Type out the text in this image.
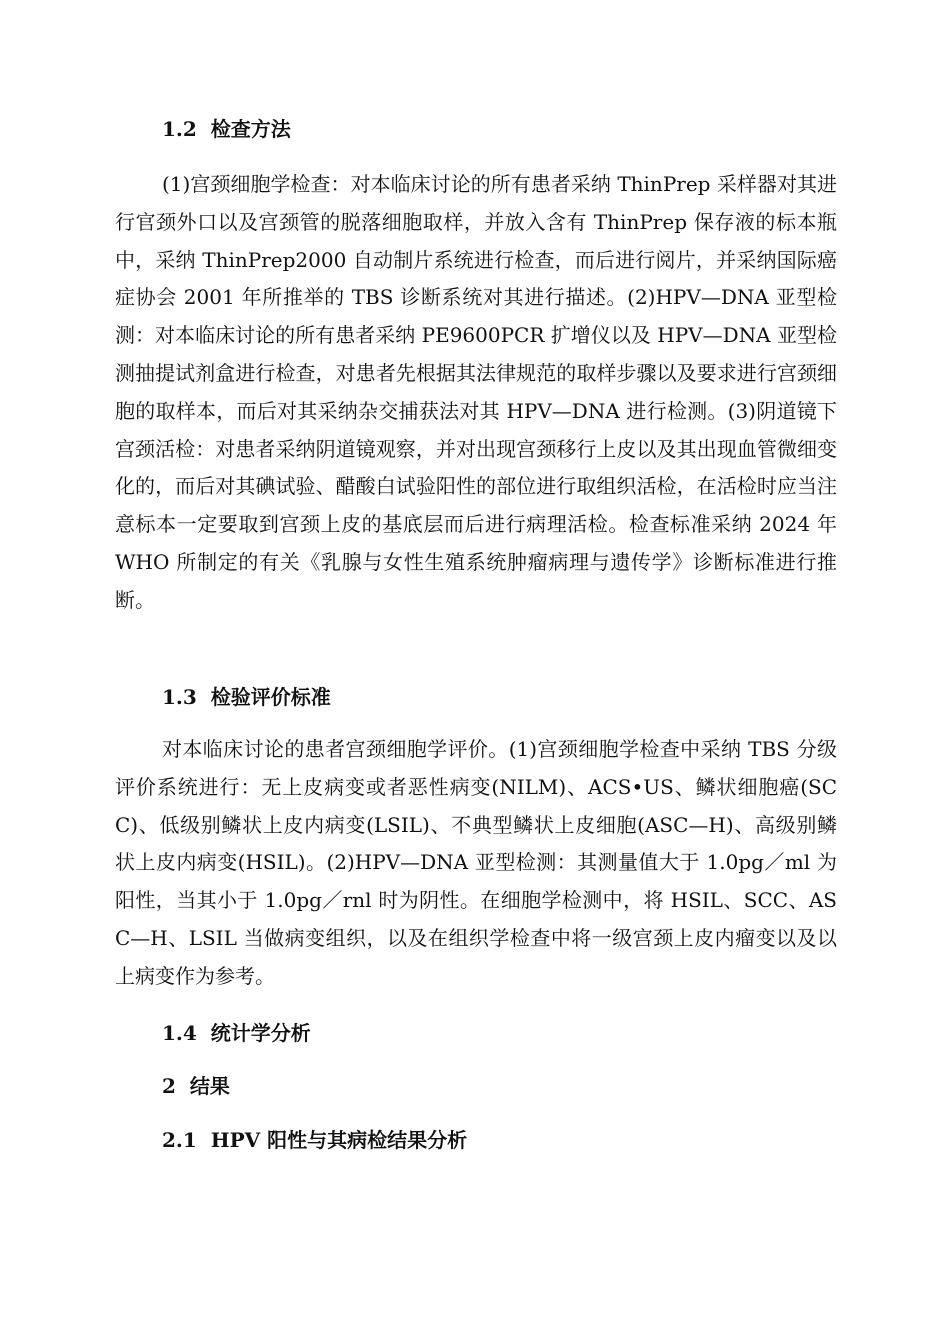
1.2  检查方法

(1)宫颈细胞学检查：对本临床讨论的所有患者采纳 ThinPrep 采样器对其进行官颈外口以及宫颈管的脱落细胞取样，并放入含有 ThinPrep 保存液的标本瓶中，采纳 ThinPrep2000 自动制片系统进行检查，而后进行阅片，并采纳国际癌症协会 2001 年所推举的 TBS 诊断系统对其进行描述。(2)HPV—DNA 亚型检测：对本临床讨论的所有患者采纳 PE9600PCR 扩增仪以及 HPV—DNA 亚型检测抽提试剂盒进行检查，对患者先根据其法律规范的取样步骤以及要求进行宫颈细胞的取样本，而后对其采纳杂交捕获法对其 HPV—DNA 进行检测。(3)阴道镜下宫颈活检：对患者采纳阴道镜观察，并对出现宫颈移行上皮以及其出现血管微细变化的，而后对其碘试验、醋酸白试验阳性的部位进行取组织活检，在活检时应当注意标本一定要取到宫颈上皮的基底层而后进行病理活检。检查标准采纳 2024 年 WHO 所制定的有关《乳腺与女性生殖系统肿瘤病理与遗传学》诊断标准进行推断。

1.3  检验评价标准

对本临床讨论的患者宫颈细胞学评价。(1)宫颈细胞学检查中采纳 TBS 分级评价系统进行：无上皮病变或者恶性病变(NILM)、ACS•US、鳞状细胞癌(SCC)、低级别鳞状上皮内病变(LSIL)、不典型鳞状上皮细胞(ASC—H)、高级别鳞状上皮内病变(HSIL)。(2)HPV—DNA 亚型检测：其测量值大于 1.0pg／ml 为阳性，当其小于 1.0pg／rnl 时为阴性。在细胞学检测中，将 HSIL、SCC、ASC—H、LSIL 当做病变组织，以及在组织学检查中将一级宫颈上皮内瘤变以及以上病变作为参考。

1.4  统计学分析
2  结果
2.1  HPV 阳性与其病检结果分析
